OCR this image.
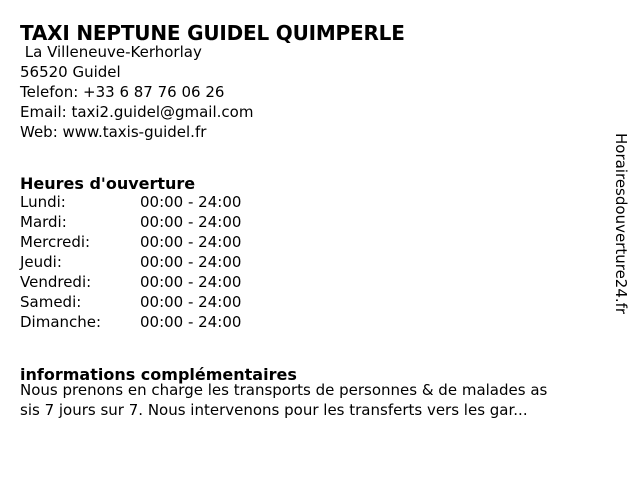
TAXI NEPTUNE GUIDEL QUIMPERLE
La Villeneuve-Kerhorlay
56520 Guidel
Telefon: +33 6 87 76 06 26
Email: taxi2.guidel@gmail.com
Web: www.taxis-guidel.fr
Heures d'ouverture
Lundi:	00:00 - 24:00
Mardi:	00:00 - 24:00
Mercredi:	00:00 - 24:00
Jeudi:	00:00 - 24:00
Vendredi:	00:00 - 24:00
Samedi:	00:00 - 24:00
Dimanche:	00:00 - 24:00
informations complémentaires
Nous prenons en charge les transports de personnes & de malades as
sis 7 jours sur 7. Nous intervenons pour les transferts vers les gar...
Horairesdouverture24.fr
